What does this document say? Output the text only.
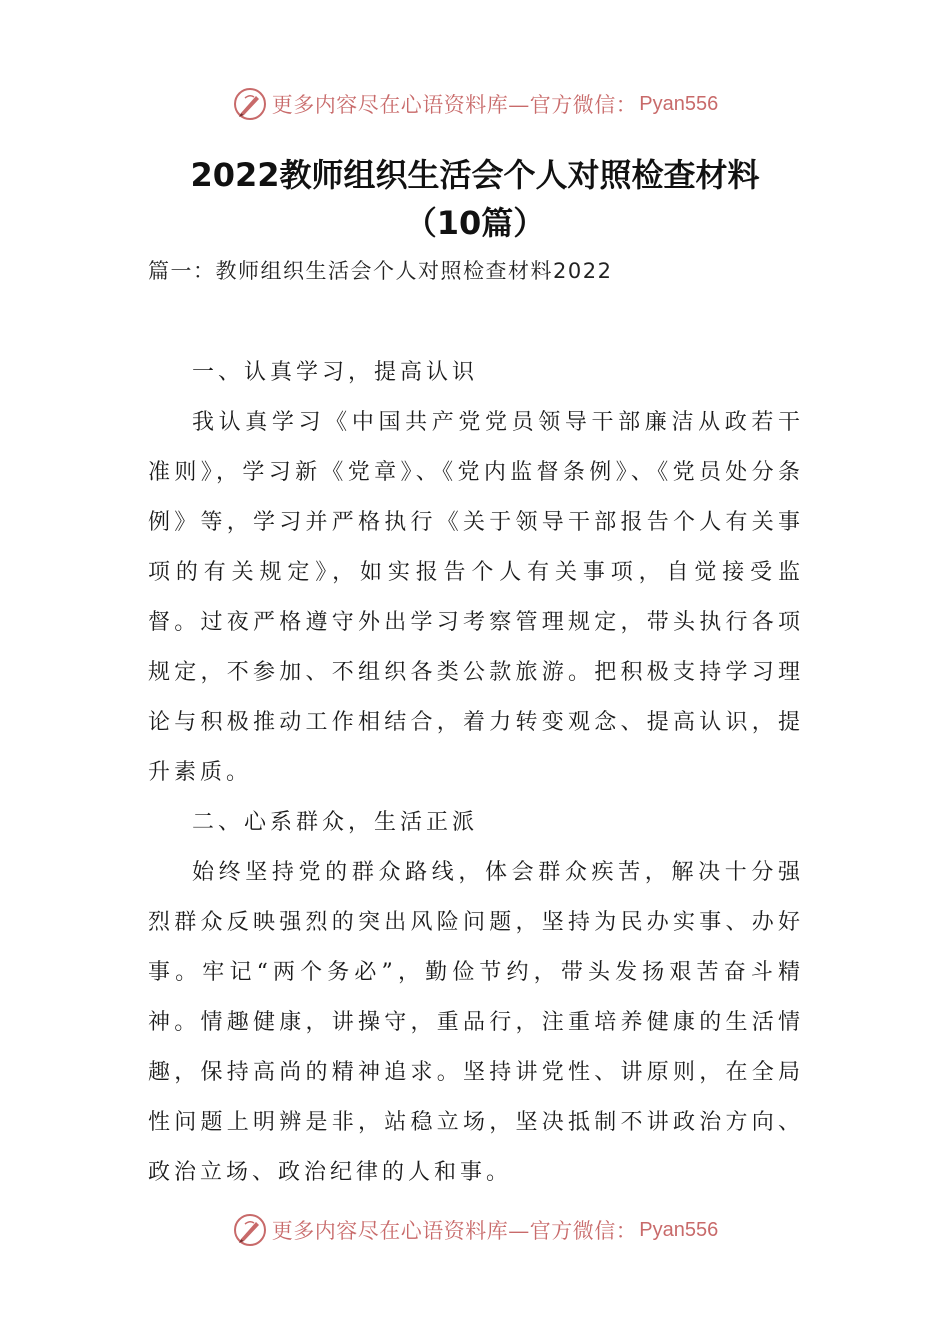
更多内容尽在心语资料库—官方微信： Pyan556
2022教师组织生活会个人对照检查材料
（10篇）

篇一：教师组织生活会个人对照检查材料2022

一、认真学习，提高认识

我认真学习《中国共产党党员领导干部廉洁从政若干准则》，学习新《党章》、《党内监督条例》、《党员处分条例》等，学习并严格执行《关于领导干部报告个人有关事项的有关规定》，如实报告个人有关事项，自觉接受监督。过夜严格遵守外出学习考察管理规定，带头执行各项规定，不参加、不组织各类公款旅游。把积极支持学习理论与积极推动工作相结合，着力转变观念、提高认识，提升素质。

二、心系群众，生活正派

始终坚持党的群众路线，体会群众疾苦，解决十分强烈群众反映强烈的突出风险问题，坚持为民办实事、办好事。牢记“两个务必”，勤俭节约，带头发扬艰苦奋斗精神。情趣健康，讲操守，重品行，注重培养健康的生活情趣，保持高尚的精神追求。坚持讲党性、讲原则，在全局性问题上明辨是非，站稳立场，坚决抵制不讲政治方向、政治立场、政治纪律的人和事。

更多内容尽在心语资料库—官方微信： Pyan556
